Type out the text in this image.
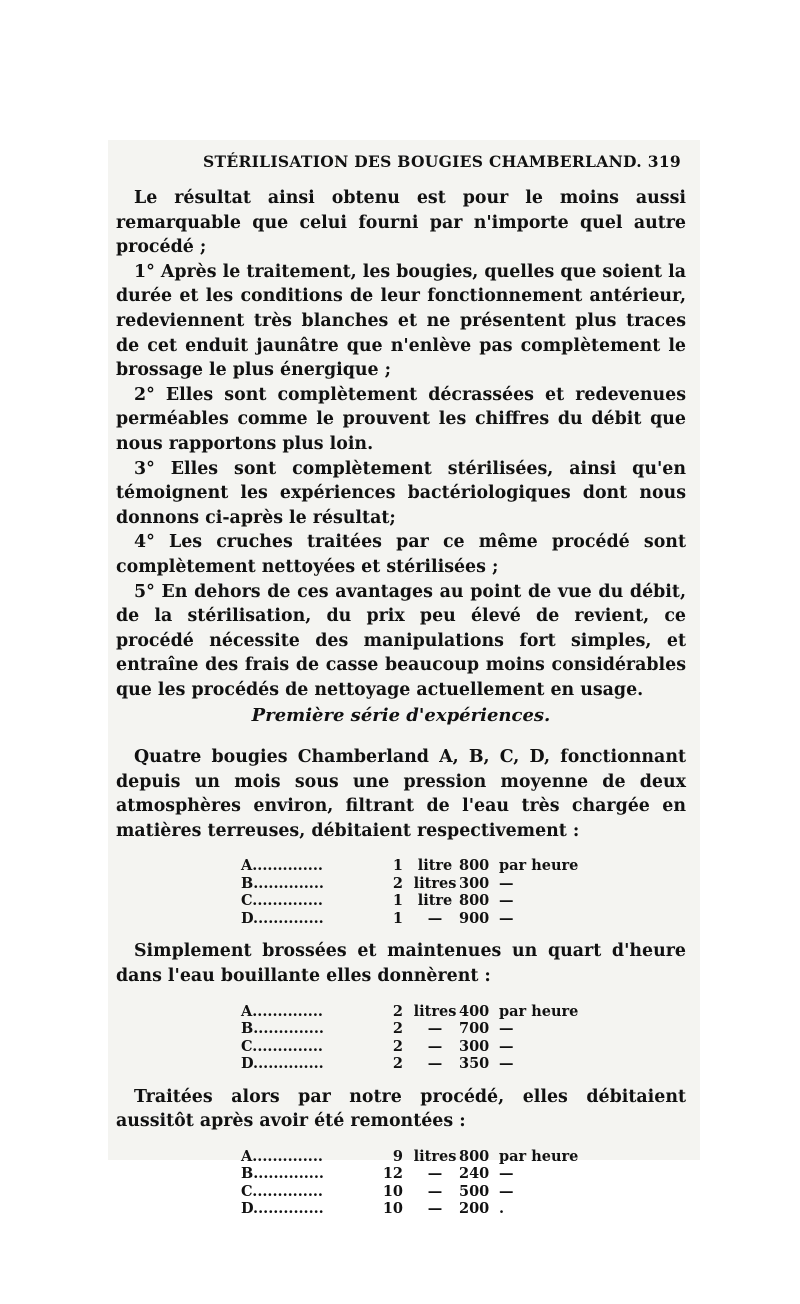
STÉRILISATION DES BOUGIES CHAMBERLAND. 319

Le résultat ainsi obtenu est pour le moins aussi remarquable que celui fourni par n'importe quel autre procédé ;

1° Après le traitement, les bougies, quelles que soient la durée et les conditions de leur fonctionnement antérieur, redeviennent très blanches et ne présentent plus traces de cet enduit jaunâtre que n'enlève pas complètement le brossage le plus énergique ;

2° Elles sont complètement décrassées et redevenues perméables comme le prouvent les chiffres du débit que nous rapportons plus loin.

3° Elles sont complètement stérilisées, ainsi qu'en témoignent les expériences bactériologiques dont nous donnons ci-après le résultat;

4° Les cruches traitées par ce même procédé sont complètement nettoyées et stérilisées ;

5° En dehors de ces avantages au point de vue du débit, de la stérilisation, du prix peu élevé de revient, ce procédé nécessite des manipulations fort simples, et entraîne des frais de casse beaucoup moins considérables que les procédés de nettoyage actuellement en usage.

Première série d'expériences.

Quatre bougies Chamberland A, B, C, D, fonctionnant depuis un mois sous une pression moyenne de deux atmosphères environ, filtrant de l'eau très chargée en matières terreuses, débitaient respectivement :

A..............	1	litre	800	par heure
B..............	2	litres	300	—
C..............	1	litre	800	—
D..............	1	—	900	—

Simplement brossées et maintenues un quart d'heure dans l'eau bouillante elles donnèrent :

A..............	2	litres	400	par heure
B..............	2	—	700	—
C..............	2	—	300	—
D..............	2	—	350	—

Traitées alors par notre procédé, elles débitaient aussitôt après avoir été remontées :

A..............	9	litres	800	par heure
B..............	12	—	240	—
C..............	10	—	500	—
D..............	10	—	200	.
